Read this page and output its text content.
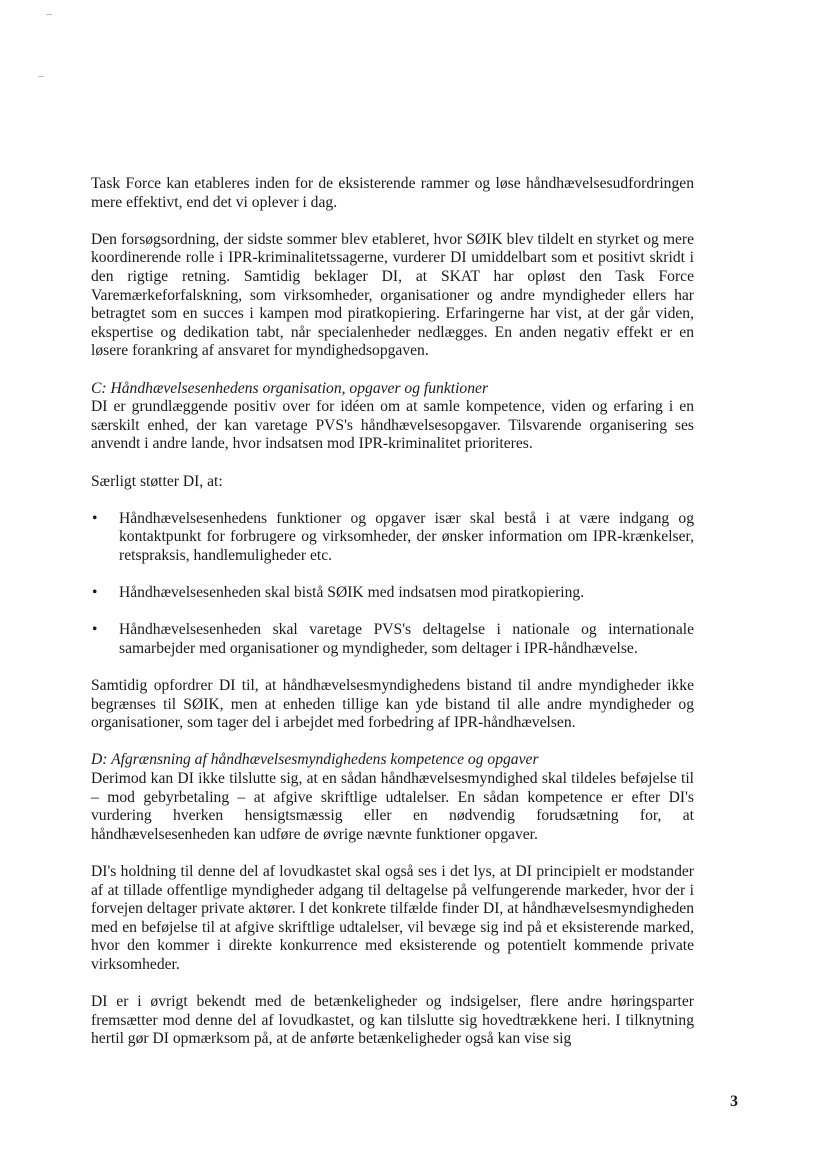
Task Force kan etableres inden for de eksisterende rammer og løse håndhævelsesudfordringen mere effektivt, end det vi oplever i dag.

Den forsøgsordning, der sidste sommer blev etableret, hvor SØIK blev tildelt en styrket og mere koordinerende rolle i IPR-kriminalitetssagerne, vurderer DI umiddelbart som et positivt skridt i den rigtige retning. Samtidig beklager DI, at SKAT har opløst den Task Force Varemærkeforfalskning, som virksomheder, organisationer og andre myndigheder ellers har betragtet som en succes i kampen mod piratkopiering. Erfaringerne har vist, at der går viden, ekspertise og dedikation tabt, når specialenheder nedlægges. En anden negativ effekt er en løsere forankring af ansvaret for myndighedsopgaven.

C: Håndhævelsesenhedens organisation, opgaver og funktioner

DI er grundlæggende positiv over for idéen om at samle kompetence, viden og erfaring i en særskilt enhed, der kan varetage PVS's håndhævelsesopgaver. Tilsvarende organisering ses anvendt i andre lande, hvor indsatsen mod IPR-kriminalitet prioriteres.

Særligt støtter DI, at:

• Håndhævelsesenhedens funktioner og opgaver især skal bestå i at være indgang og kontaktpunkt for forbrugere og virksomheder, der ønsker information om IPR-krænkelser, retspraksis, handlemuligheder etc.
• Håndhævelsesenheden skal bistå SØIK med indsatsen mod piratkopiering.
• Håndhævelsesenheden skal varetage PVS's deltagelse i nationale og internationale samarbejder med organisationer og myndigheder, som deltager i IPR-håndhævelse.

Samtidig opfordrer DI til, at håndhævelsesmyndighedens bistand til andre myndigheder ikke begrænses til SØIK, men at enheden tillige kan yde bistand til alle andre myndigheder og organisationer, som tager del i arbejdet med forbedring af IPR-håndhævelsen.

D: Afgrænsning af håndhævelsesmyndighedens kompetence og opgaver

Derimod kan DI ikke tilslutte sig, at en sådan håndhævelsesmyndighed skal tildeles beføjelse til – mod gebyrbetaling – at afgive skriftlige udtalelser. En sådan kompetence er efter DI's vurdering hverken hensigtsmæssig eller en nødvendig forudsætning for, at håndhævelsesenheden kan udføre de øvrige nævnte funktioner opgaver.

DI's holdning til denne del af lovudkastet skal også ses i det lys, at DI principielt er modstander af at tillade offentlige myndigheder adgang til deltagelse på velfungerende markeder, hvor der i forvejen deltager private aktører. I det konkrete tilfælde finder DI, at håndhævelsesmyndigheden med en beføjelse til at afgive skriftlige udtalelser, vil bevæge sig ind på et eksisterende marked, hvor den kommer i direkte konkurrence med eksisterende og potentielt kommende private virksomheder.

DI er i øvrigt bekendt med de betænkeligheder og indsigelser, flere andre høringsparter fremsætter mod denne del af lovudkastet, og kan tilslutte sig hovedtrækkene heri. I tilknytning hertil gør DI opmærksom på, at de anførte betænkeligheder også kan vise sig

3
